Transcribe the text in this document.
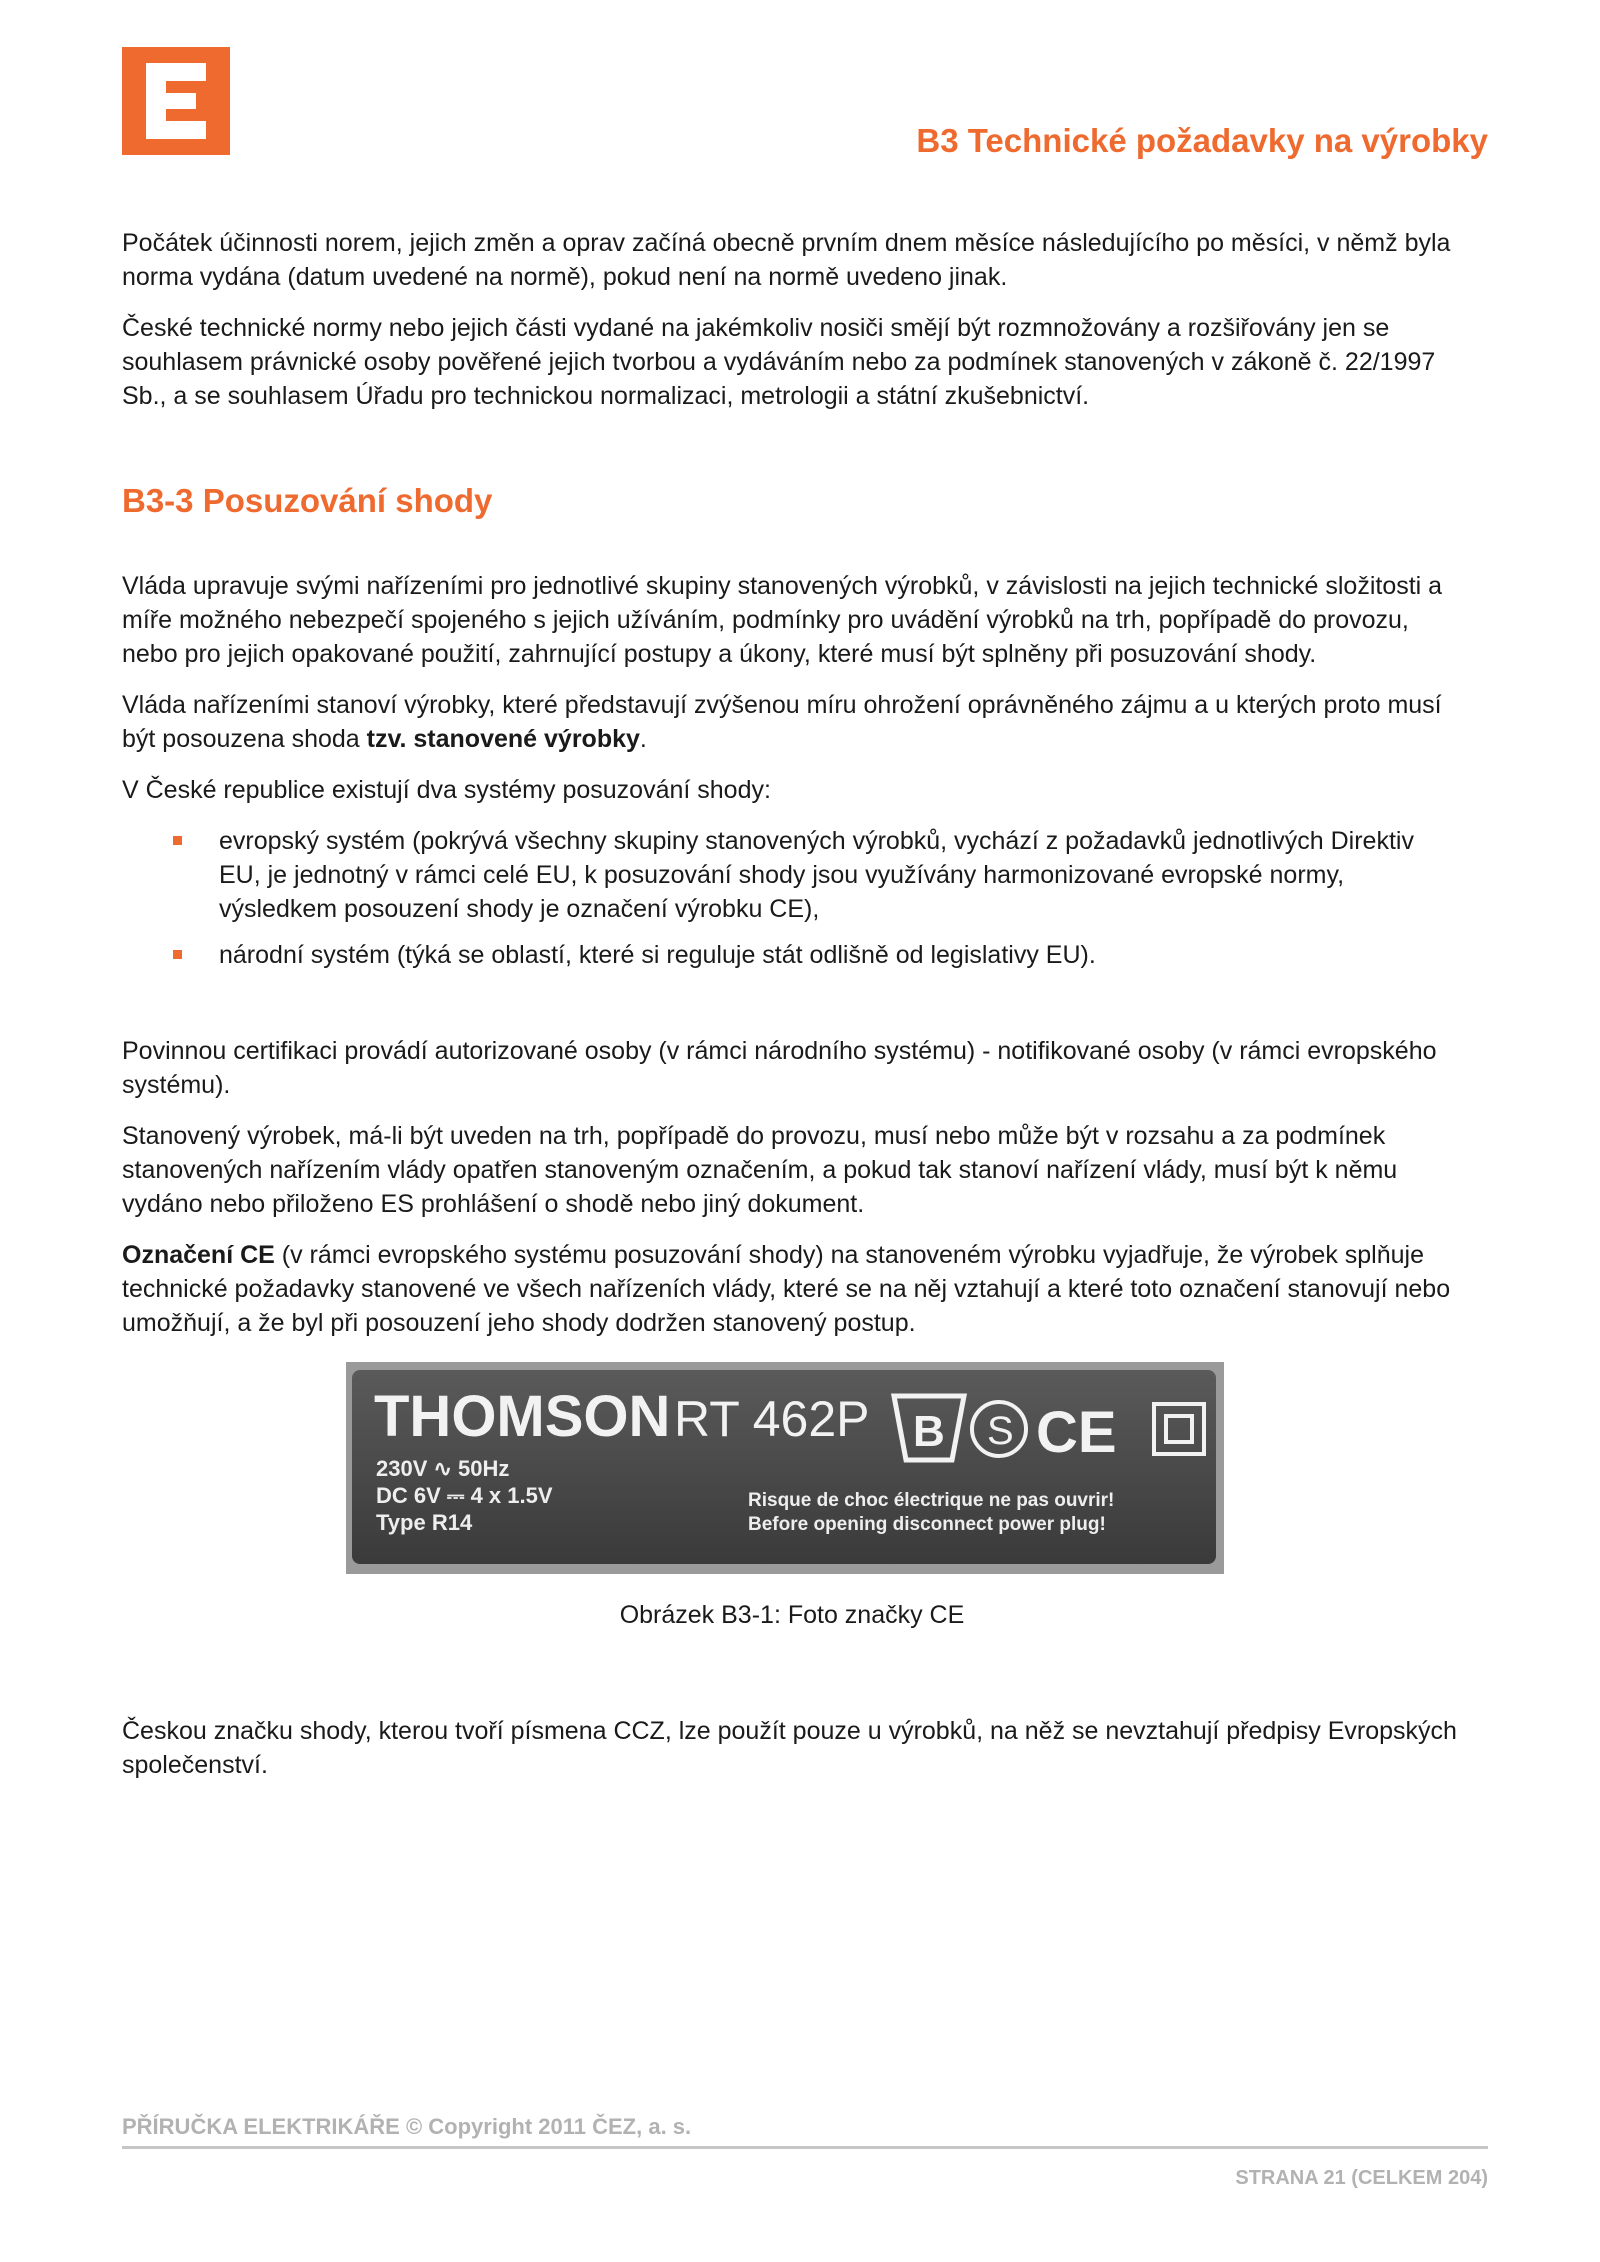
B3 Technické požadavky na výrobky

Počátek účinnosti norem, jejich změn a oprav začíná obecně prvním dnem měsíce následujícího po měsíci, v němž byla norma vydána (datum uvedené na normě), pokud není na normě uvedeno jinak.

České technické normy nebo jejich části vydané na jakémkoliv nosiči smějí být rozmnožovány a rozšiřovány jen se souhlasem právnické osoby pověřené jejich tvorbou a vydáváním nebo za podmínek stanovených v zákoně č. 22/1997 Sb., a se souhlasem Úřadu pro technickou normalizaci, metrologii a státní zkušebnictví.

B3-3 Posuzování shody

Vláda upravuje svými nařízeními pro jednotlivé skupiny stanovených výrobků, v závislosti na jejich technické složitosti a míře možného nebezpečí spojeného s jejich užíváním, podmínky pro uvádění výrobků na trh, popřípadě do provozu, nebo pro jejich opakované použití, zahrnující postupy a úkony, které musí být splněny při posuzování shody.

Vláda nařízeními stanoví výrobky, které představují zvýšenou míru ohrožení oprávněného zájmu a u kterých proto musí být posouzena shoda tzv. stanovené výrobky.

V České republice existují dva systémy posuzování shody:

evropský systém (pokrývá všechny skupiny stanovených výrobků, vychází z požadavků jednotlivých Direktiv EU, je jednotný v rámci celé EU, k posuzování shody jsou využívány harmonizované evropské normy, výsledkem posouzení shody je označení výrobku CE),
národní systém (týká se oblastí, které si reguluje stát odlišně od legislativy EU).

Povinnou certifikaci provádí autorizované osoby (v rámci národního systému) - notifikované osoby (v rámci evropského systému).

Stanovený výrobek, má-li být uveden na trh, popřípadě do provozu, musí nebo může být v rozsahu a za podmínek stanovených nařízením vlády opatřen stanoveným označením, a pokud tak stanoví nařízení vlády, musí být k němu vydáno nebo přiloženo ES prohlášení o shodě nebo jiný dokument.

Označení CE (v rámci evropského systému posuzování shody) na stanoveném výrobku vyjadřuje, že výrobek splňuje technické požadavky stanovené ve všech nařízeních vlády, které se na něj vztahují a které toto označení stanovují nebo umožňují, a že byl při posouzení jeho shody dodržen stanovený postup.

THOMSON RT 462P B S CE
230V ∿ 50Hz
DC 6V ⎓ 4 x 1.5V
Type R14
Risque de choc électrique ne pas ouvrir!
Before opening disconnect power plug!
Obrázek B3-1: Foto značky CE

Českou značku shody, kterou tvoří písmena CCZ, lze použít pouze u výrobků, na něž se nevztahují předpisy Evropských společenství.

PŘÍRUČKA ELEKTRIKÁŘE © Copyright 2011 ČEZ, a. s.
STRANA 21 (CELKEM 204)
